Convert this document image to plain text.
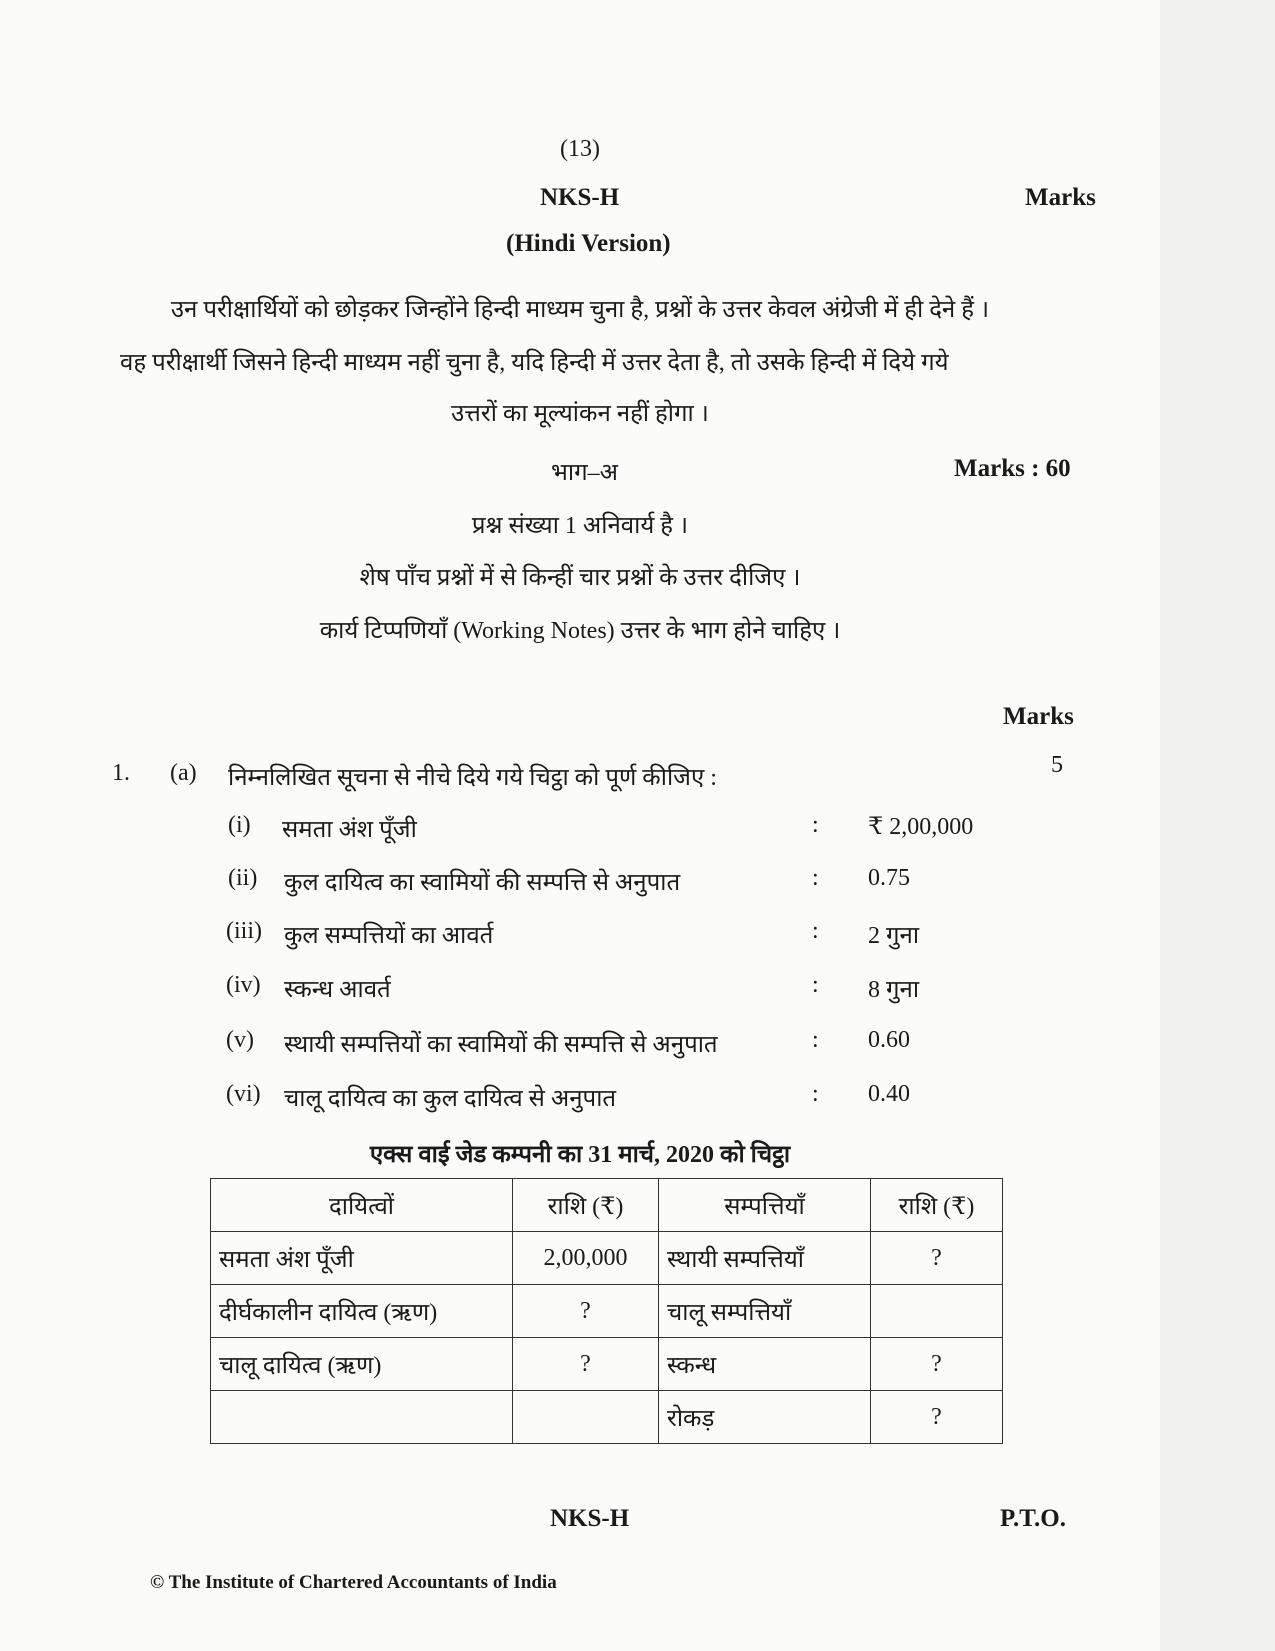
(13)
NKS-H	Marks
(Hindi Version)
उन परीक्षार्थियों को छोड़कर जिन्होंने हिन्दी माध्यम चुना है, प्रश्नों के उत्तर केवल अंग्रेजी में ही देने हैं ।
वह परीक्षार्थी जिसने हिन्दी माध्यम नहीं चुना है, यदि हिन्दी में उत्तर देता है, तो उसके हिन्दी में दिये गये
उत्तरों का मूल्यांकन नहीं होगा ।
भाग–अ	Marks : 60
प्रश्न संख्या 1 अनिवार्य है ।
शेष पाँच प्रश्नों में से किन्हीं चार प्रश्नों के उत्तर दीजिए ।
कार्य टिप्पणियाँ (Working Notes) उत्तर के भाग होने चाहिए ।
Marks
5
1. (a) निम्नलिखित सूचना से नीचे दिये गये चिट्ठा को पूर्ण कीजिए :
(i) समता अंश पूँजी	: ₹ 2,00,000
(ii) कुल दायित्व का स्वामियों की सम्पत्ति से अनुपात	: 0.75
(iii) कुल सम्पत्तियों का आवर्त	: 2 गुना
(iv) स्कन्ध आवर्त	: 8 गुना
(v) स्थायी सम्पत्तियों का स्वामियों की सम्पत्ति से अनुपात	: 0.60
(vi) चालू दायित्व का कुल दायित्व से अनुपात	: 0.40
एक्स वाई जेड कम्पनी का 31 मार्च, 2020 को चिट्ठा
दायित्वों	राशि (₹)	सम्पत्तियाँ	राशि (₹)
समता अंश पूँजी	2,00,000	स्थायी सम्पत्तियाँ	?
दीर्घकालीन दायित्व (ऋण)	?	चालू सम्पत्तियाँ	
चालू दायित्व (ऋण)	?	स्कन्ध	?
		रोकड़	?
NKS-H	P.T.O.
© The Institute of Chartered Accountants of India
